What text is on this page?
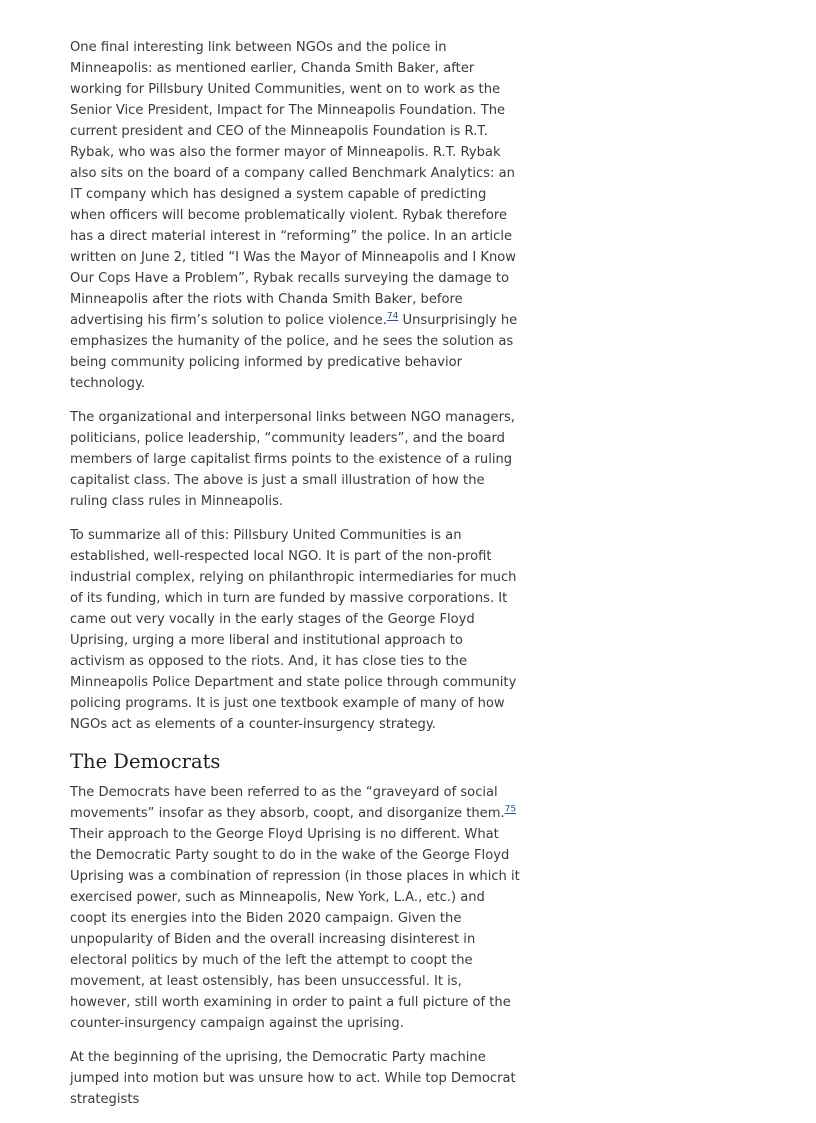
One final interesting link between NGOs and the police in Minneapolis: as mentioned earlier, Chanda Smith Baker, after working for Pillsbury United Communities, went on to work as the Senior Vice President, Impact for The Minneapolis Foundation. The current president and CEO of the Minneapolis Foundation is R.T. Rybak, who was also the former mayor of Minneapolis. R.T. Rybak also sits on the board of a company called Benchmark Analytics: an IT company which has designed a system capable of predicting when officers will become problematically violent. Rybak therefore has a direct material interest in “reforming” the police. In an article written on June 2, titled “I Was the Mayor of Minneapolis and I Know Our Cops Have a Problem”, Rybak recalls surveying the damage to Minneapolis after the riots with Chanda Smith Baker, before advertising his firm’s solution to police violence.$^{74}$ Unsurprisingly he emphasizes the humanity of the police, and he sees the solution as being community policing informed by predicative behavior technology.

The organizational and interpersonal links between NGO managers, politicians, police leadership, “community leaders”, and the board members of large capitalist firms points to the existence of a ruling capitalist class. The above is just a small illustration of how the ruling class rules in Minneapolis.

To summarize all of this: Pillsbury United Communities is an established, well-respected local NGO. It is part of the non-profit industrial complex, relying on philanthropic intermediaries for much of its funding, which in turn are funded by massive corporations. It came out very vocally in the early stages of the George Floyd Uprising, urging a more liberal and institutional approach to activism as opposed to the riots. And, it has close ties to the Minneapolis Police Department and state police through community policing programs. It is just one textbook example of many of how NGOs act as elements of a counter-insurgency strategy.

The Democrats

The Democrats have been referred to as the “graveyard of social movements” insofar as they absorb, coopt, and disorganize them.$^{75}$ Their approach to the George Floyd Uprising is no different. What the Democratic Party sought to do in the wake of the George Floyd Uprising was a combination of repression (in those places in which it exercised power, such as Minneapolis, New York, L.A., etc.) and coopt its energies into the Biden 2020 campaign. Given the unpopularity of Biden and the overall increasing disinterest in electoral politics by much of the left the attempt to coopt the movement, at least ostensibly, has been unsuccessful. It is, however, still worth examining in order to paint a full picture of the counter-insurgency campaign against the uprising.

At the beginning of the uprising, the Democratic Party machine jumped into motion but was unsure how to act. While top Democrat strategists
